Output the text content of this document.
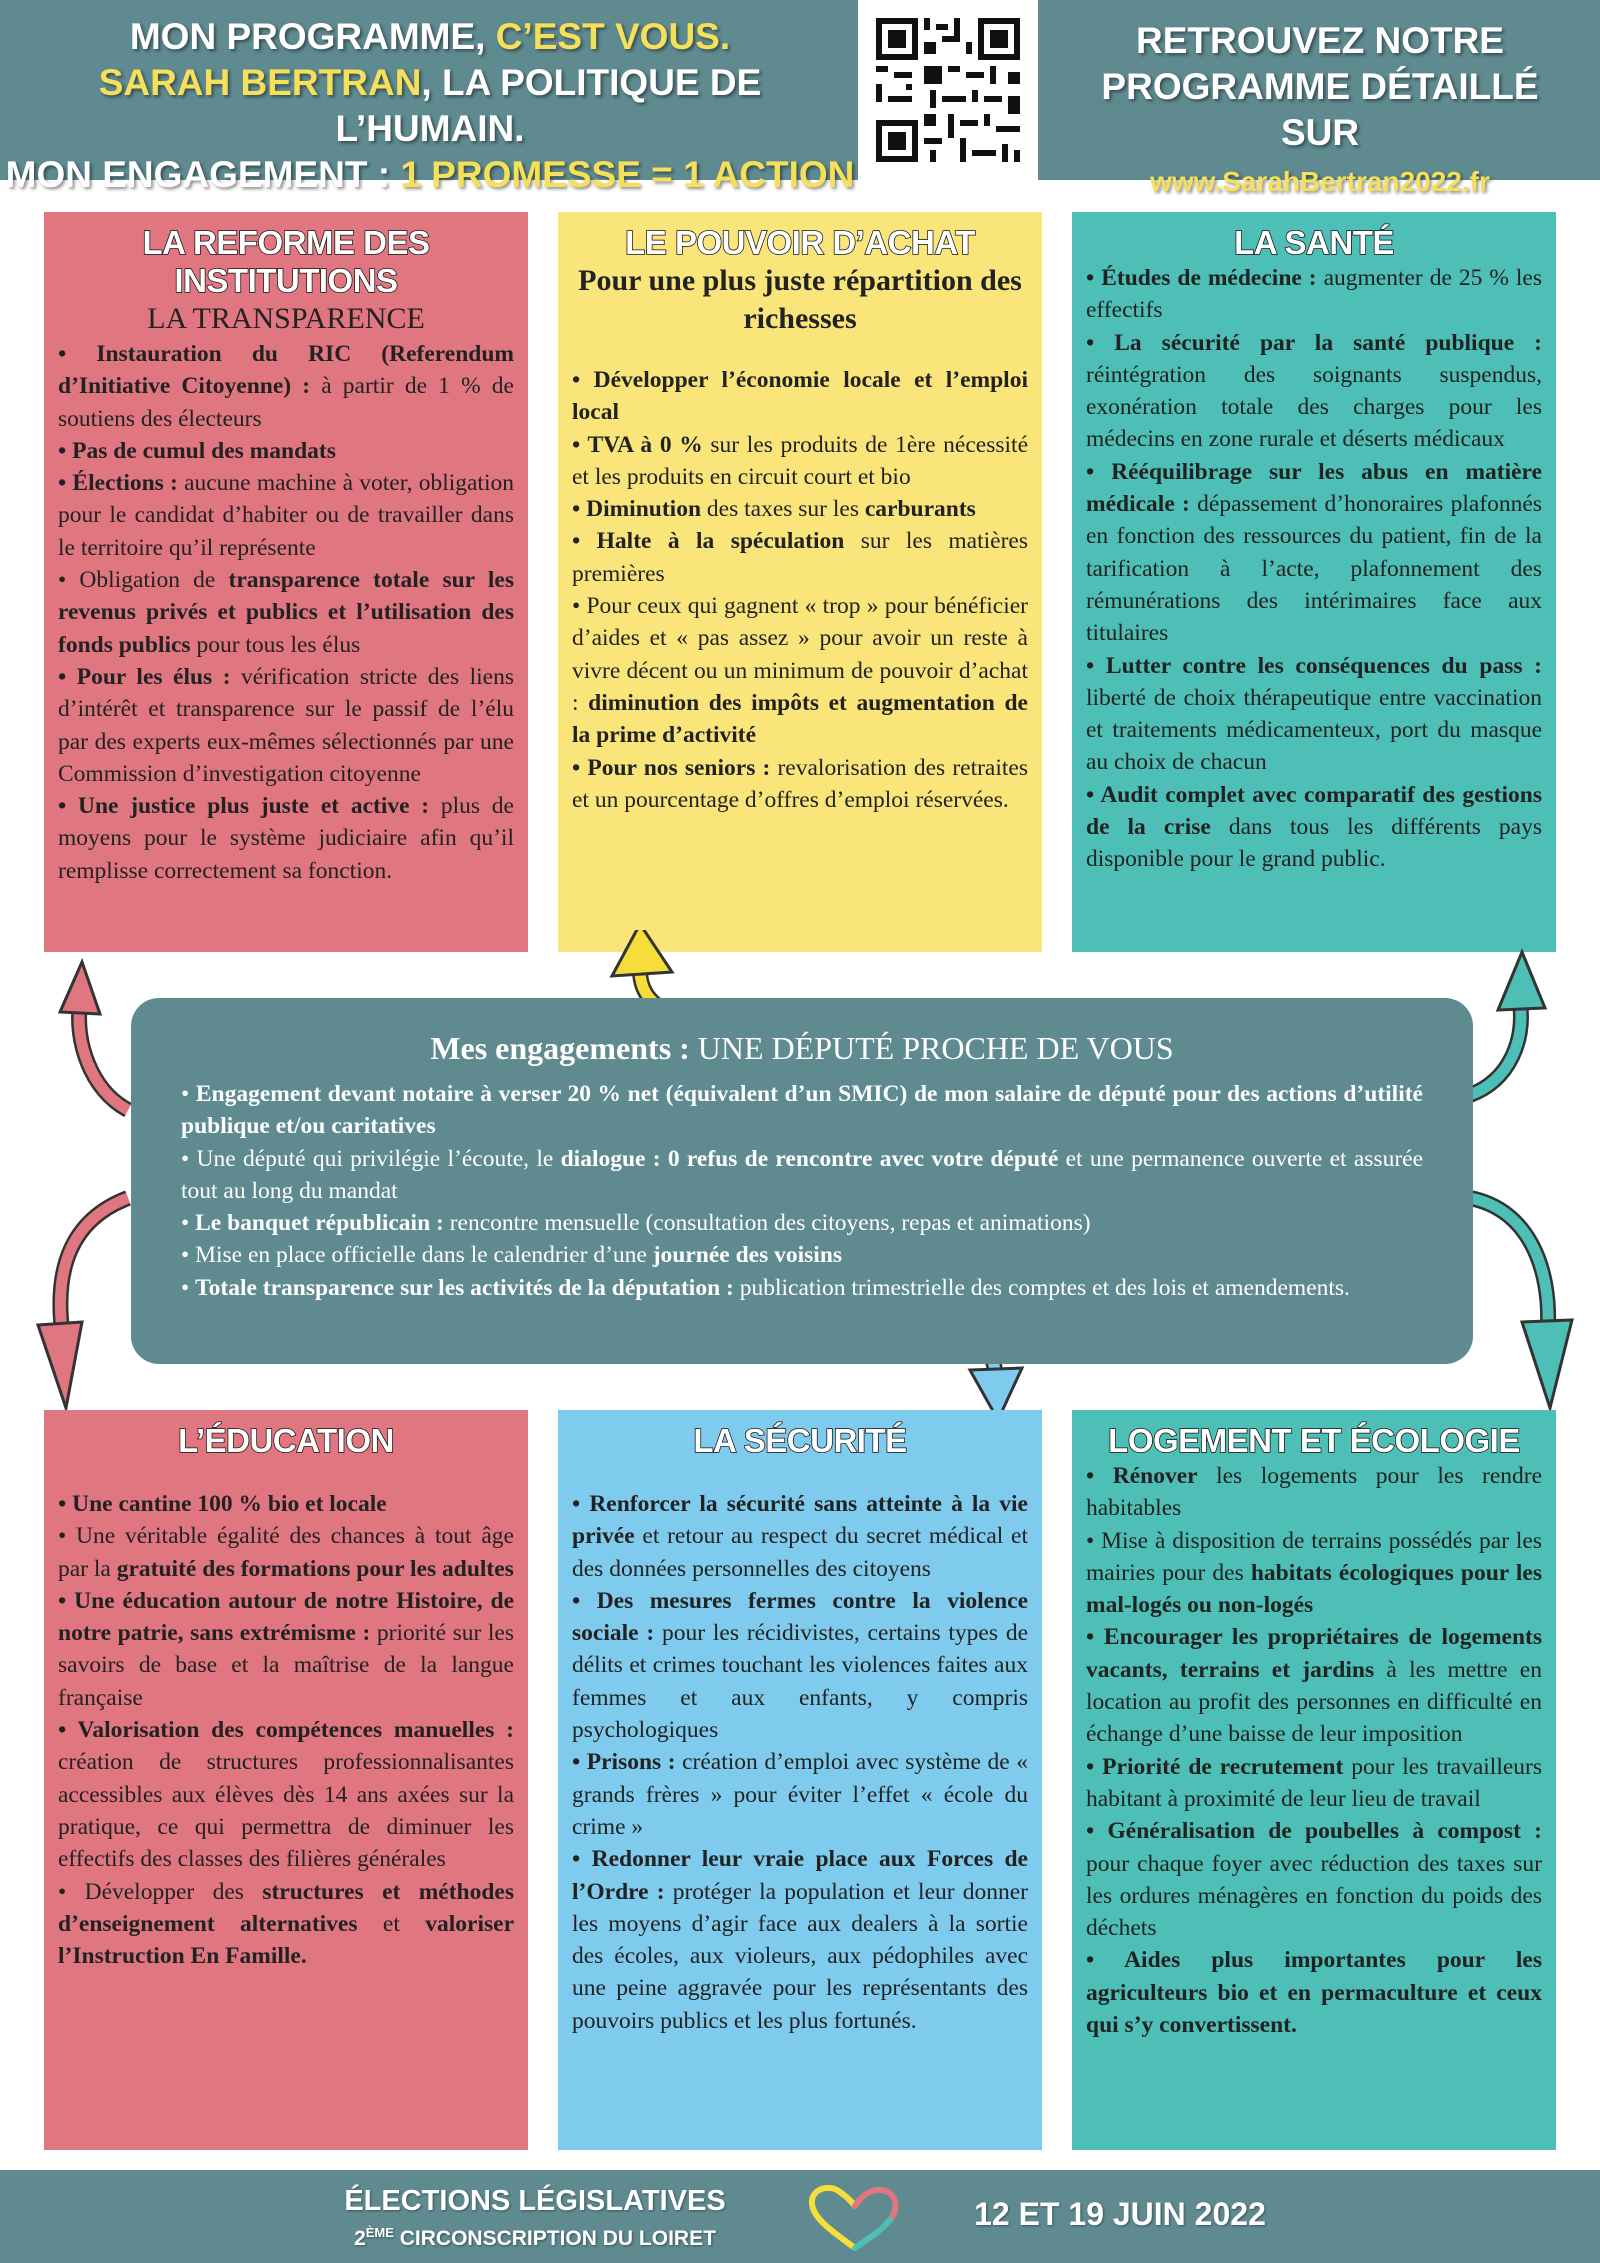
MON PROGRAMME, C’EST VOUS.
SARAH BERTRAN, LA POLITIQUE DE L’HUMAIN.
MON ENGAGEMENT : 1 PROMESSE = 1 ACTION
RETROUVEZ NOTRE
PROGRAMME DÉTAILLÉ SUR
www.SarahBertran2022.fr
LA REFORME DES
INSTITUTIONS
LA TRANSPARENCE
• Instauration du RIC (Referendum d’Initiative Citoyenne) : à partir de 1 % de soutiens des électeurs
• Pas de cumul des mandats
• Élections : aucune machine à voter, obligation pour le candidat d’habiter ou de travailler dans le territoire qu’il représente
• Obligation de transparence totale sur les revenus privés et publics et l’utilisation des fonds publics pour tous les élus
• Pour les élus : vérification stricte des liens d’intérêt et transparence sur le passif de l’élu par des experts eux-mêmes sélectionnés par une Commission d’investigation citoyenne
• Une justice plus juste et active : plus de moyens pour le système judiciaire afin qu’il remplisse correctement sa fonction.
LE POUVOIR D’ACHAT
Pour une plus juste répartition des richesses
• Développer l’économie locale et l’emploi local
• TVA à 0 % sur les produits de 1ère nécessité et les produits en circuit court et bio
• Diminution des taxes sur les carburants
• Halte à la spéculation sur les matières premières
• Pour ceux qui gagnent « trop » pour bénéficier d’aides et « pas assez » pour avoir un reste à vivre décent ou un minimum de pouvoir d’achat : diminution des impôts et augmentation de la prime d’activité
• Pour nos seniors : revalorisation des retraites et un pourcentage d’offres d’emploi réservées.
LA SANTÉ
• Études de médecine : augmenter de 25 % les effectifs
• La sécurité par la santé publique : réintégration des soignants suspendus, exonération totale des charges pour les médecins en zone rurale et déserts médicaux
• Rééquilibrage sur les abus en matière médicale : dépassement d’honoraires plafonnés en fonction des ressources du patient, fin de la tarification à l’acte, plafonnement des rémunérations des intérimaires face aux titulaires
• Lutter contre les conséquences du pass : liberté de choix thérapeutique entre vaccination et traitements médicamenteux, port du masque au choix de chacun
• Audit complet avec comparatif des gestions de la crise dans tous les différents pays disponible pour le grand public.
Mes engagements : UNE DÉPUTÉ PROCHE DE VOUS
• Engagement devant notaire à verser 20 % net (équivalent d’un SMIC) de mon salaire de député pour des actions d’utilité publique et/ou caritatives
• Une député qui privilégie l’écoute, le dialogue : 0 refus de rencontre avec votre député et une permanence ouverte et assurée tout au long du mandat
• Le banquet républicain : rencontre mensuelle (consultation des citoyens, repas et animations)
• Mise en place officielle dans le calendrier d’une journée des voisins
• Totale transparence sur les activités de la députation : publication trimestrielle des comptes et des lois et amendements.
L’ÉDUCATION
• Une cantine 100 % bio et locale
• Une véritable égalité des chances à tout âge par la gratuité des formations pour les adultes
• Une éducation autour de notre Histoire, de notre patrie, sans extrémisme : priorité sur les savoirs de base et la maîtrise de la langue française
• Valorisation des compétences manuelles : création de structures professionnalisantes accessibles aux élèves dès 14 ans axées sur la pratique, ce qui permettra de diminuer les effectifs des classes des filières générales
• Développer des structures et méthodes d’enseignement alternatives et valoriser l’Instruction En Famille.
LA SÉCURITÉ
• Renforcer la sécurité sans atteinte à la vie privée et retour au respect du secret médical et des données personnelles des citoyens
• Des mesures fermes contre la violence sociale : pour les récidivistes, certains types de délits et crimes touchant les violences faites aux femmes et aux enfants, y compris psychologiques
• Prisons : création d’emploi avec système de « grands frères » pour éviter l’effet « école du crime »
• Redonner leur vraie place aux Forces de l’Ordre : protéger la population et leur donner les moyens d’agir face aux dealers à la sortie des écoles, aux violeurs, aux pédophiles avec une peine aggravée pour les représentants des pouvoirs publics et les plus fortunés.
LOGEMENT ET ÉCOLOGIE
• Rénover les logements pour les rendre habitables
• Mise à disposition de terrains possédés par les mairies pour des habitats écologiques pour les mal-logés ou non-logés
• Encourager les propriétaires de logements vacants, terrains et jardins à les mettre en location au profit des personnes en difficulté en échange d’une baisse de leur imposition
• Priorité de recrutement pour les travailleurs habitant à proximité de leur lieu de travail
• Généralisation de poubelles à compost : pour chaque foyer avec réduction des taxes sur les ordures ménagères en fonction du poids des déchets
• Aides plus importantes pour les agriculteurs bio et en permaculture et ceux qui s’y convertissent.
ÉLECTIONS LÉGISLATIVES
2ÈME CIRCONSCRIPTION DU LOIRET
12 ET 19 JUIN 2022
